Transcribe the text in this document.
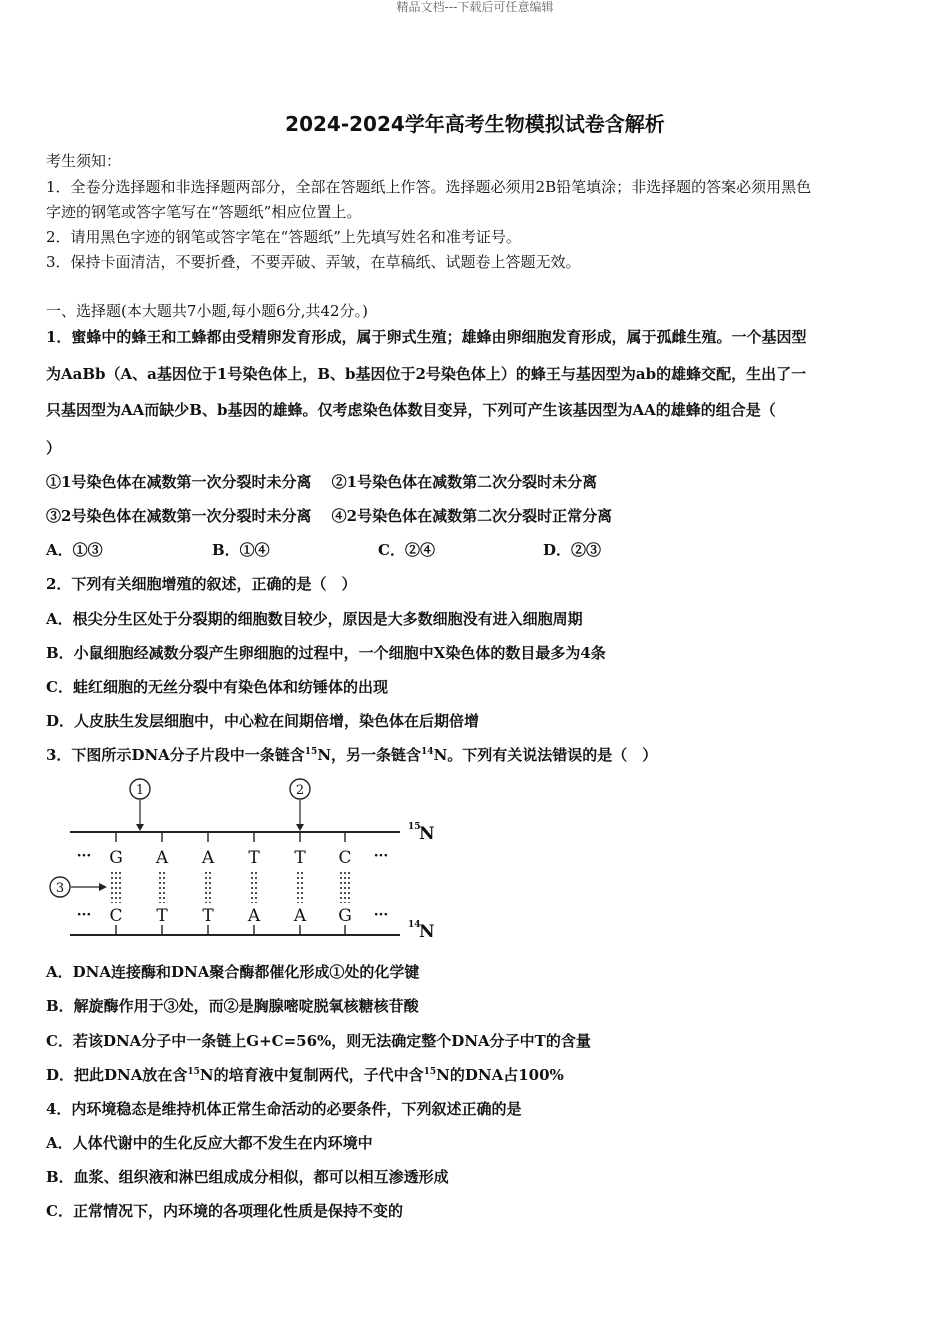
精品文档---下载后可任意编辑
2024-2024学年高考生物模拟试卷含解析
考生须知：
1．全卷分选择题和非选择题两部分，全部在答题纸上作答。选择题必须用2B铅笔填涂；非选择题的答案必须用黑色
字迹的钢笔或答字笔写在“答题纸”相应位置上。
2．请用黑色字迹的钢笔或答字笔在“答题纸”上先填写姓名和准考证号。
3．保持卡面清洁，不要折叠，不要弄破、弄皱，在草稿纸、试题卷上答题无效。
一、选择题(本大题共7小题,每小题6分,共42分。)
1．蜜蜂中的蜂王和工蜂都由受精卵发育形成，属于卵式生殖；雄蜂由卵细胞发育形成，属于孤雌生殖。一个基因型
为AaBb（A、a基因位于1号染色体上，B、b基因位于2号染色体上）的蜂王与基因型为ab的雄蜂交配，生出了一
只基因型为AA而缺少B、b基因的雄蜂。仅考虑染色体数目变异，下列可产生该基因型为AA的雄蜂的组合是（
）
①1号染色体在减数第一次分裂时未分离　 ②1号染色体在减数第二次分裂时未分离
③2号染色体在减数第一次分裂时未分离　 ④2号染色体在减数第二次分裂时正常分离
A．①③	B．①④	C．②④	D．②③
2．下列有关细胞增殖的叙述，正确的是（　）
A．根尖分生区处于分裂期的细胞数目较少，原因是大多数细胞没有进入细胞周期
B．小鼠细胞经减数分裂产生卵细胞的过程中，一个细胞中X染色体的数目最多为4条
C．蛙红细胞的无丝分裂中有染色体和纺锤体的出现
D．人皮肤生发层细胞中，中心粒在间期倍增，染色体在后期倍增
3．下图所示DNA分子片段中一条链含$^{15}$N，另一条链含$^{14}$N。下列有关说法错误的是（　）
1	2
3
G A A T T C
C T T A A G
···	···
···	···
15
N
14
N
A．DNA连接酶和DNA聚合酶都催化形成①处的化学键
B．解旋酶作用于③处，而②是胸腺嘧啶脱氧核糖核苷酸
C．若该DNA分子中一条链上G+C=56%，则无法确定整个DNA分子中T的含量
D．把此DNA放在含$^{15}$N的培育液中复制两代，子代中含$^{15}$N的DNA占100%
4．内环境稳态是维持机体正常生命活动的必要条件，下列叙述正确的是
A．人体代谢中的生化反应大都不发生在内环境中
B．血浆、组织液和淋巴组成成分相似，都可以相互渗透形成
C．正常情况下，内环境的各项理化性质是保持不变的
